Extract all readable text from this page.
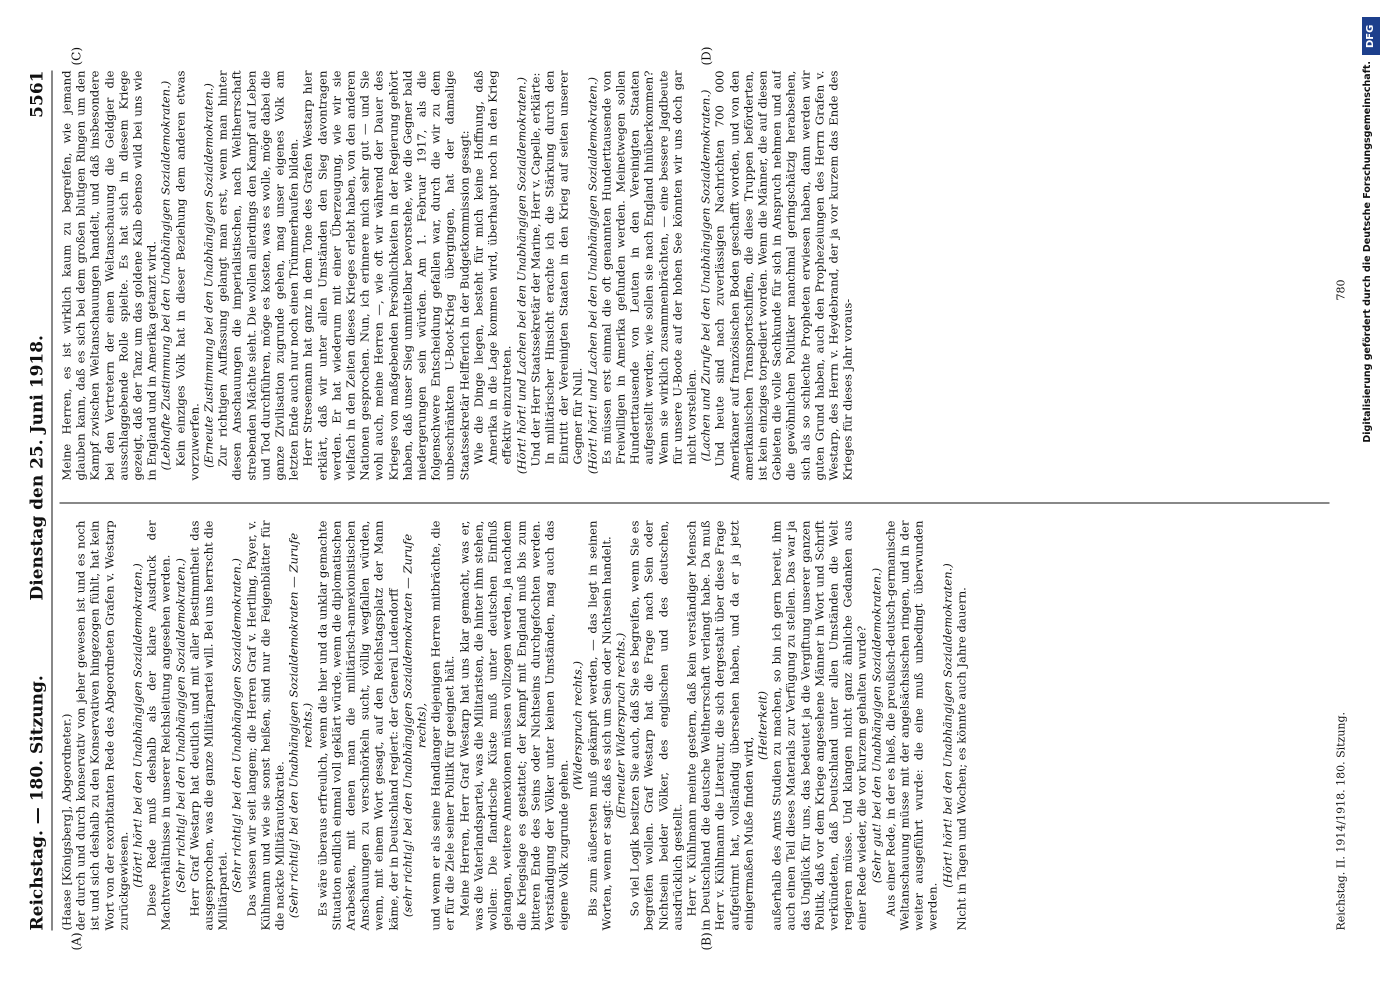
Reichstag. — 180. Sitzung.
Dienstag den 25. Juni 1918.
5561
(A)	(B)
(C)	(D)

(Haase [Königsberg], Abgeordneter.) der durch und durch konservativ von jeher gewesen ist und es noch ist und sich deshalb zu den Konservativen hingezogen fühlt, hat kein Wort von der exorbitanten Rede des Abgeordneten Grafen v. Westarp zurückgewiesen. (Hört! hört! bei den Unabhängigen Sozialdemokraten.) Diese Rede muß deshalb als der klare Ausdruck der Machtverhältnisse in unserer Reichsleitung angesehen werden. (Sehr richtig! bei den Unabhängigen Sozialdemokraten.) Herr Graf Westarp hat deutlich und mit aller Bestimmtheit das ausgesprochen, was die ganze Militärpartei will. Bei uns herrscht die Militärpartei. (Sehr richtig! bei den Unabhängigen Sozialdemokraten.) Das wissen wir seit langem; die Herren Graf v. Hertling, Payer, v. Kühlmann und wie sie sonst heißen, sind nur die Feigenblätter für die nackte Militärautokratie. (Sehr richtig! bei den Unabhängigen Sozialdemokraten — Zurufe rechts.) Es wäre überaus erfreulich, wenn die hier und da unklar gemachte Situation endlich einmal voll geklärt würde, wenn die diplomatischen Arabesken, mit denen man die militärisch-annexionistischen Anschauungen zu verschnörkeln sucht, völlig wegfallen würden, wenn, mit einem Wort gesagt, auf den Reichstagsplatz der Mann käme, der in Deutschland regiert: der General Ludendorff (sehr richtig! bei den Unabhängigen Sozialdemokraten — Zurufe rechts), und wenn er als seine Handlanger diejenigen Herren mitbrächte, die er für die Ziele seiner Politik für geeignet hält. Meine Herren, Herr Graf Westarp hat uns klar gemacht, was er, was die Vaterlandspartei, was die Militaristen, die hinter ihm stehen, wollen: Die flandrische Küste muß unter deutschen Einfluß gelangen, weitere Annexionen müssen vollzogen werden, ja nachdem die Kriegslage es gestattet; der Kampf mit England muß bis zum bitteren Ende des Seins oder Nichtseins durchgefochten werden. Verständigung der Völker unter keinen Umständen, mag auch das eigene Volk zugrunde gehen.

(Widerspruch rechts.) Bis zum äußersten muß gekämpft werden, — das liegt in seinen Worten, wenn er sagt: daß es sich um Sein oder Nichtsein handelt. (Erneuter Widerspruch rechts.) So viel Logik besitzen Sie auch, daß Sie es begreifen, wenn Sie es begreifen wollen. Graf Westarp hat die Frage nach Sein oder Nichtsein beider Völker, des englischen und des deutschen, ausdrücklich gestellt. Herr v. Kühlmann meinte gestern, daß kein verständiger Mensch in Deutschland die deutsche Weltherrschaft verlangt habe. Da muß Herr v. Kühlmann die Literatur, die sich dergestalt über diese Frage aufgetürmt hat, vollständig übersehen haben, und da er ja jetzt einigermaßen Muße finden wird,

(Heiterkeit) außerhalb des Amts Studien zu machen, so bin ich gern bereit, ihm auch einen Teil dieses Materials zur Verfügung zu stellen. Das war ja das Unglück für uns, das bedeutet ja die Vergiftung unserer ganzen Politik, daß vor dem Kriege angesehene Männer in Wort und Schrift verkündeten, daß Deutschland unter allen Umständen die Welt regieren müsse. Und klangen nicht ganz ähnliche Gedanken aus einer Rede wieder, die vor kurzem gehalten wurde? (Sehr gut! bei den Unabhängigen Sozialdemokraten.) Aus einer Rede, in der es hieß, die preußisch-deutsch-germanische Weltanschauung müsse mit der angelsächsischen ringen, und in der weiter ausgeführt wurde: die eine muß unbedingt überwunden werden.

(Hört! hört! bei den Unabhängigen Sozialdemokraten.) Nicht in Tagen und Wochen; es könnte auch Jahre dauern.

Meine Herren, es ist wirklich kaum zu begreifen, wie jemand glauben kann, daß es sich bei dem großen blutigen Ringen um den Kampf zwischen Weltanschauungen handelt, und daß insbesondere bei den Vertretern der einen Weltanschauung die Geldgier die ausschlaggebende Rolle spielte. Es hat sich in diesem Kriege gezeigt, daß der Tanz um das goldene Kalb ebenso wild bei uns wie in England und in Amerika getanzt wird. (Lebhafte Zustimmung bei den Unabhängigen Sozialdemokraten.) Kein einziges Volk hat in dieser Beziehung dem anderen etwas vorzuwerfen. (Erneute Zustimmung bei den Unabhängigen Sozialdemokraten.) Zur richtigen Auffassung gelangt man erst, wenn man hinter diesen Anschauungen die imperialistischen, nach Weltherrschaft strebenden Mächte sieht. Die wollen allerdings den Kampf auf Leben und Tod durchführen, möge es kosten, was es wolle, möge dabei die ganze Zivilisation zugrunde gehen, mag unser eigenes Volk am letzten Ende auch nur noch einen Trümmerhaufen bilden. Herr Stresemann hat ganz in dem Tone des Grafen Westarp hier erklärt, daß wir unter allen Umständen den Sieg davontragen werden. Er hat wiederum mit einer Überzeugung, wie wir sie vielfach in den Zeiten dieses Krieges erlebt haben, von den anderen Nationen gesprochen. Nun, ich erinnere mich sehr gut — und Sie wohl auch, meine Herren —, wie oft wir während der Dauer des Krieges von maßgebenden Persönlichkeiten in der Regierung gehört haben, daß unser Sieg unmittelbar bevorstehe, wie die Gegner bald niedergerungen sein würden. Am 1. Februar 1917, als die folgenschwere Entscheidung gefallen war, durch die wir zu dem unbeschränkten U-Boot-Krieg übergingen, hat der damalige Staatssekretär Helfferich in der Budgetkommission gesagt: Wie die Dinge liegen, besteht für mich keine Hoffnung, daß Amerika in die Lage kommen wird, überhaupt noch in den Krieg effektiv einzutreten. (Hört! hört! und Lachen bei den Unabhängigen Sozialdemokraten.) Und der Herr Staatssekretär der Marine, Herr v. Capelle, erklärte: In militärischer Hinsicht erachte ich die Stärkung durch den Eintritt der Vereinigten Staaten in den Krieg auf seiten unserer Gegner für Null. (Hört! hört! und Lachen bei den Unabhängigen Sozialdemokraten.) Es müssen erst einmal die oft genannten Hunderttausende von Freiwilligen in Amerika gefunden werden. Meinetwegen sollen Hunderttausende von Leuten in den Vereinigten Staaten aufgestellt werden; wie sollen sie nach England hinüberkommen? Wenn sie wirklich zusammenbrächten, — eine bessere Jagdbeute für unsere U-Boote auf der hohen See könnten wir uns doch gar nicht vorstellen. (Lachen und Zurufe bei den Unabhängigen Sozialdemokraten.) Und heute sind nach zuverlässigen Nachrichten 700 000 Amerikaner auf französischen Boden geschafft worden, und von den amerikanischen Transportschiffen, die diese Truppen beförderten, ist kein einziges torpediert worden. Wenn die Männer, die auf diesen Gebieten die volle Sachkunde für sich in Anspruch nehmen und auf die gewöhnlichen Politiker manchmal geringschätzig herabsehen, sich als so schlechte Propheten erwiesen haben, dann werden wir guten Grund haben, auch den Prophezeiungen des Herrn Grafen v. Westarp, des Herrn v. Heydebrand, der ja vor kurzem das Ende des Krieges für dieses Jahr voraus-

Reichstag. II. 1914/1918. 180. Sitzung.
780
DFG
Digitalisierung gefördert durch die Deutsche Forschungsgemeinschaft.
